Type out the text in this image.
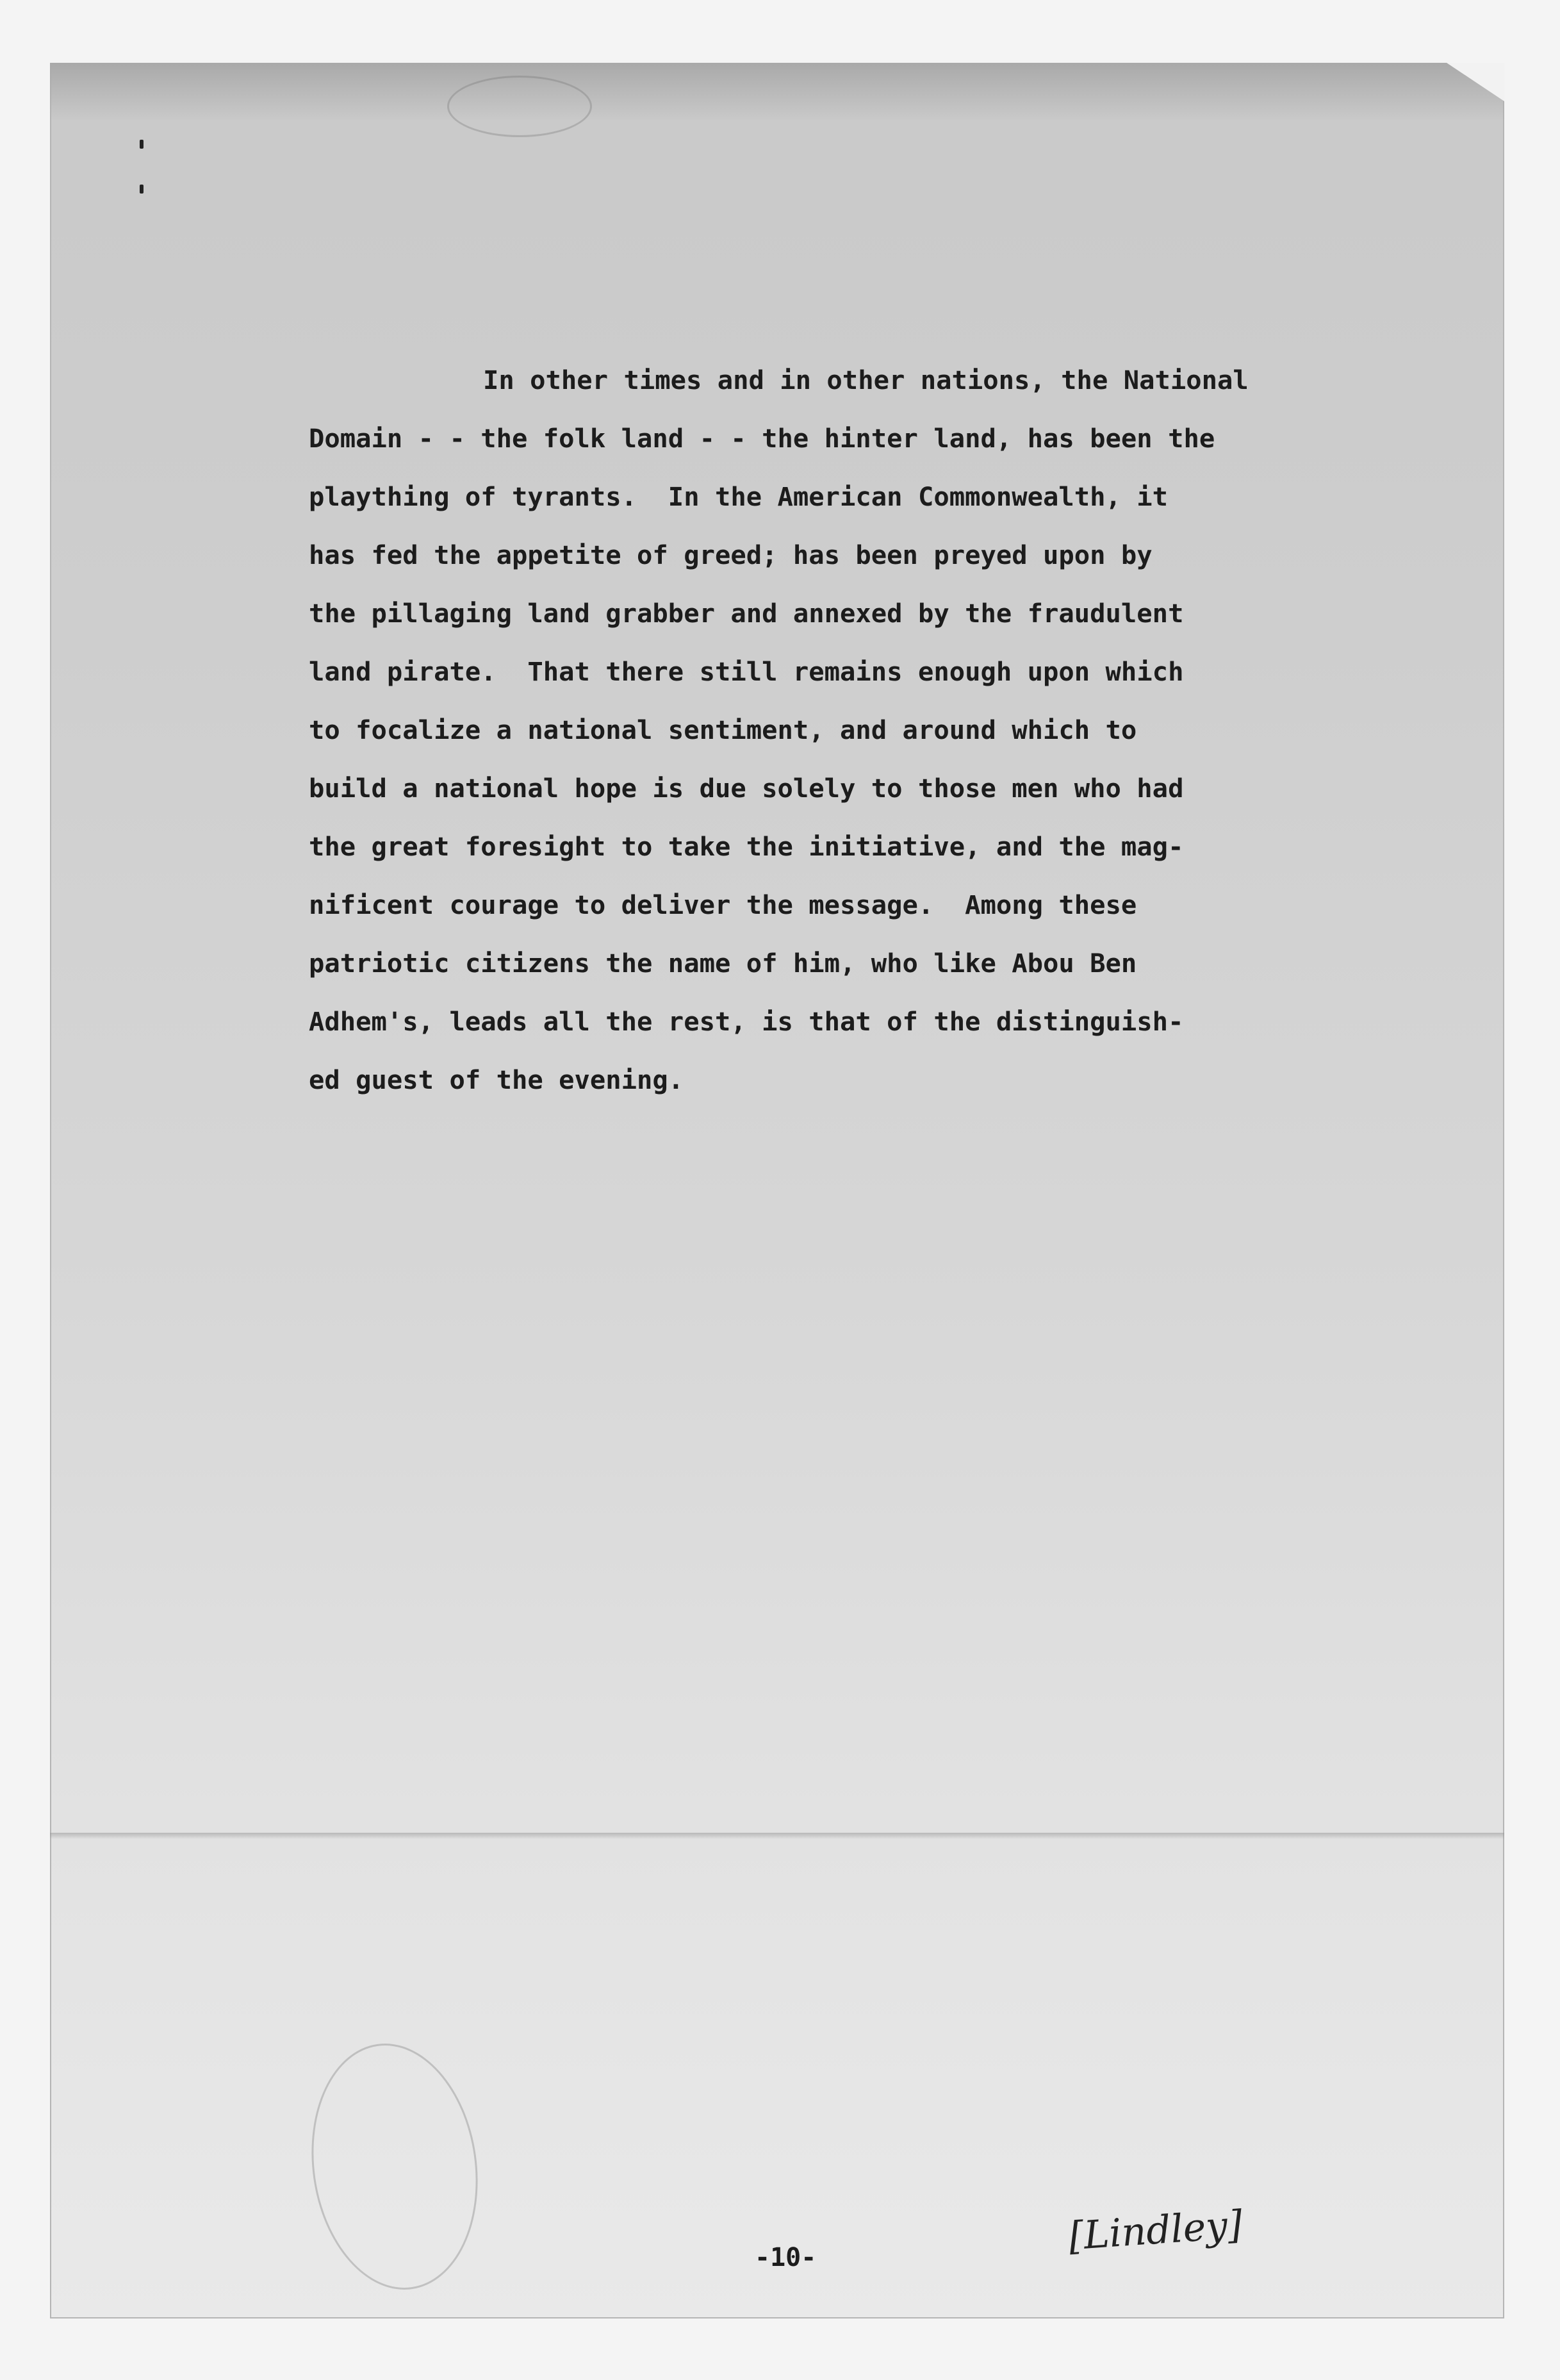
In other times and in other nations, the National
Domain - - the folk land - - the hinter land, has been the
plaything of tyrants.  In the American Commonwealth, it
has fed the appetite of greed; has been preyed upon by
the pillaging land grabber and annexed by the fraudulent
land pirate.  That there still remains enough upon which
to focalize a national sentiment, and around which to
build a national hope is due solely to those men who had
the great foresight to take the initiative, and the mag-
nificent courage to deliver the message.  Among these
patriotic citizens the name of him, who like Abou Ben
Adhem's, leads all the rest, is that of the distinguish-
ed guest of the evening.
-10-	[Lindley]
